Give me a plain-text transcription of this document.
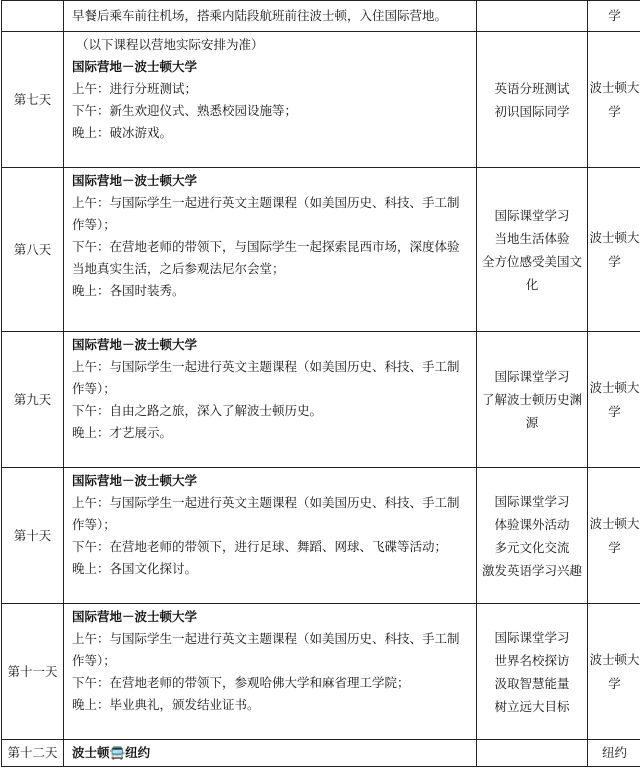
	早餐后乘车前往机场，搭乘内陆段航班前往波士顿，入住国际营地。		学
第七天	（以下课程以营地实际安排为准）
国际营地－波士顿大学
上午：进行分班测试；
下午：新生欢迎仪式、熟悉校园设施等；
晚上：破冰游戏。	英语分班测试
初识国际同学	波士顿大学
第八天	国际营地－波士顿大学
上午：与国际学生一起进行英文主题课程（如美国历史、科技、手工制作等）；
下午：在营地老师的带领下，与国际学生一起探索昆西市场，深度体验当地真实生活，之后参观法尼尔会堂；
晚上：各国时装秀。	国际课堂学习
当地生活体验
全方位感受美国文化	波士顿大学
第九天	国际营地－波士顿大学
上午：与国际学生一起进行英文主题课程（如美国历史、科技、手工制作等）；
下午：自由之路之旅，深入了解波士顿历史。
晚上：才艺展示。	国际课堂学习
了解波士顿历史渊源	波士顿大学
第十天	国际营地－波士顿大学
上午：与国际学生一起进行英文主题课程（如美国历史、科技、手工制作等）；
下午：在营地老师的带领下，进行足球、舞蹈、网球、飞碟等活动；
晚上：各国文化探讨。	国际课堂学习
体验课外活动
多元文化交流
激发英语学习兴趣	波士顿大学
第十一天	国际营地－波士顿大学
上午：与国际学生一起进行英文主题课程（如美国历史、科技、手工制作等）；
下午：在营地老师的带领下，参观哈佛大学和麻省理工学院；
晚上：毕业典礼，颁发结业证书。	国际课堂学习
世界名校探访
汲取智慧能量
树立远大目标	波士顿大学
第十二天	波士顿🚍纽约		纽约
